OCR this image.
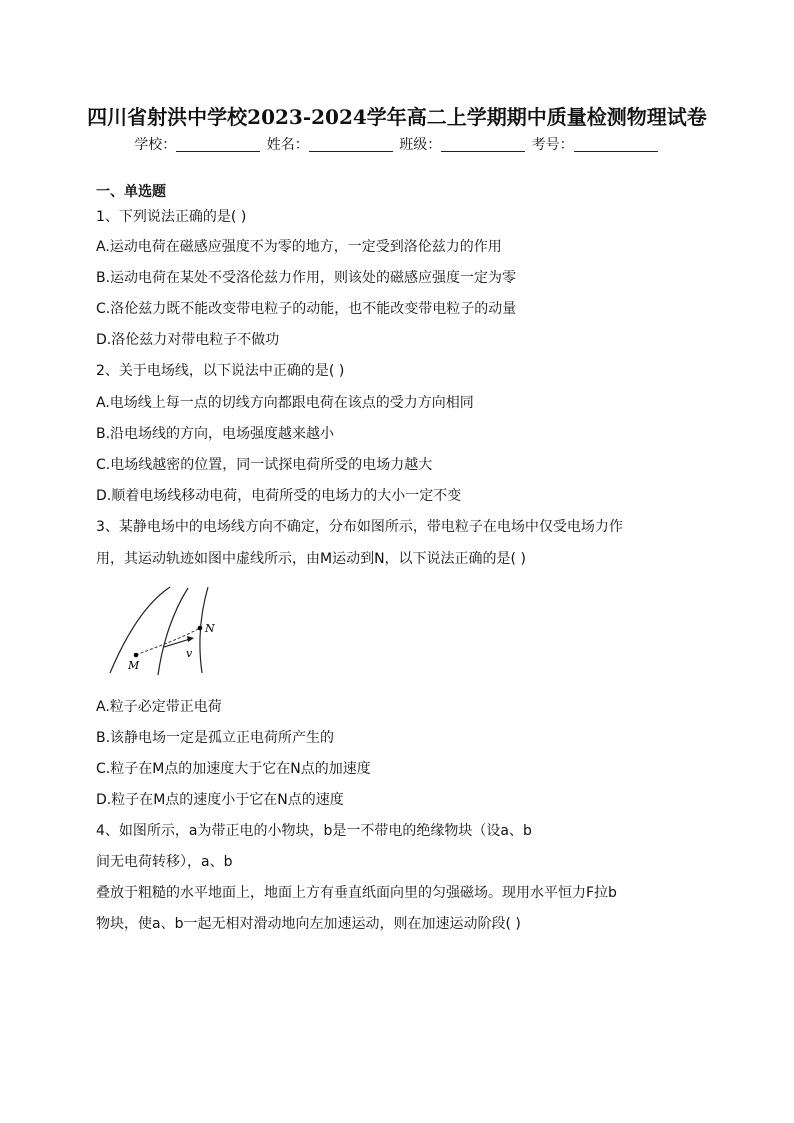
四川省射洪中学校2023-2024学年高二上学期期中质量检测物理试卷
学校：	姓名：	班级：	考号：
一、单选题
1、下列说法正确的是( )
A.运动电荷在磁感应强度不为零的地方，一定受到洛伦兹力的作用
B.运动电荷在某处不受洛伦兹力作用，则该处的磁感应强度一定为零
C.洛伦兹力既不能改变带电粒子的动能，也不能改变带电粒子的动量
D.洛伦兹力对带电粒子不做功
2、关于电场线，以下说法中正确的是( )
A.电场线上每一点的切线方向都跟电荷在该点的受力方向相同
B.沿电场线的方向，电场强度越来越小
C.电场线越密的位置，同一试探电荷所受的电场力越大
D.顺着电场线移动电荷，电荷所受的电场力的大小一定不变
3、某静电场中的电场线方向不确定，分布如图所示，带电粒子在电场中仅受电场力作
用，其运动轨迹如图中虚线所示，由M运动到N，以下说法正确的是( )
M
N
v
A.粒子必定带正电荷
B.该静电场一定是孤立正电荷所产生的
C.粒子在M点的加速度大于它在N点的加速度
D.粒子在M点的速度小于它在N点的速度
4、如图所示，a为带正电的小物块，b是一不带电的绝缘物块（设a、b
间无电荷转移），a、b
叠放于粗糙的水平地面上，地面上方有垂直纸面向里的匀强磁场。现用水平恒力F拉b
物块，使a、b一起无相对滑动地向左加速运动，则在加速运动阶段( )
